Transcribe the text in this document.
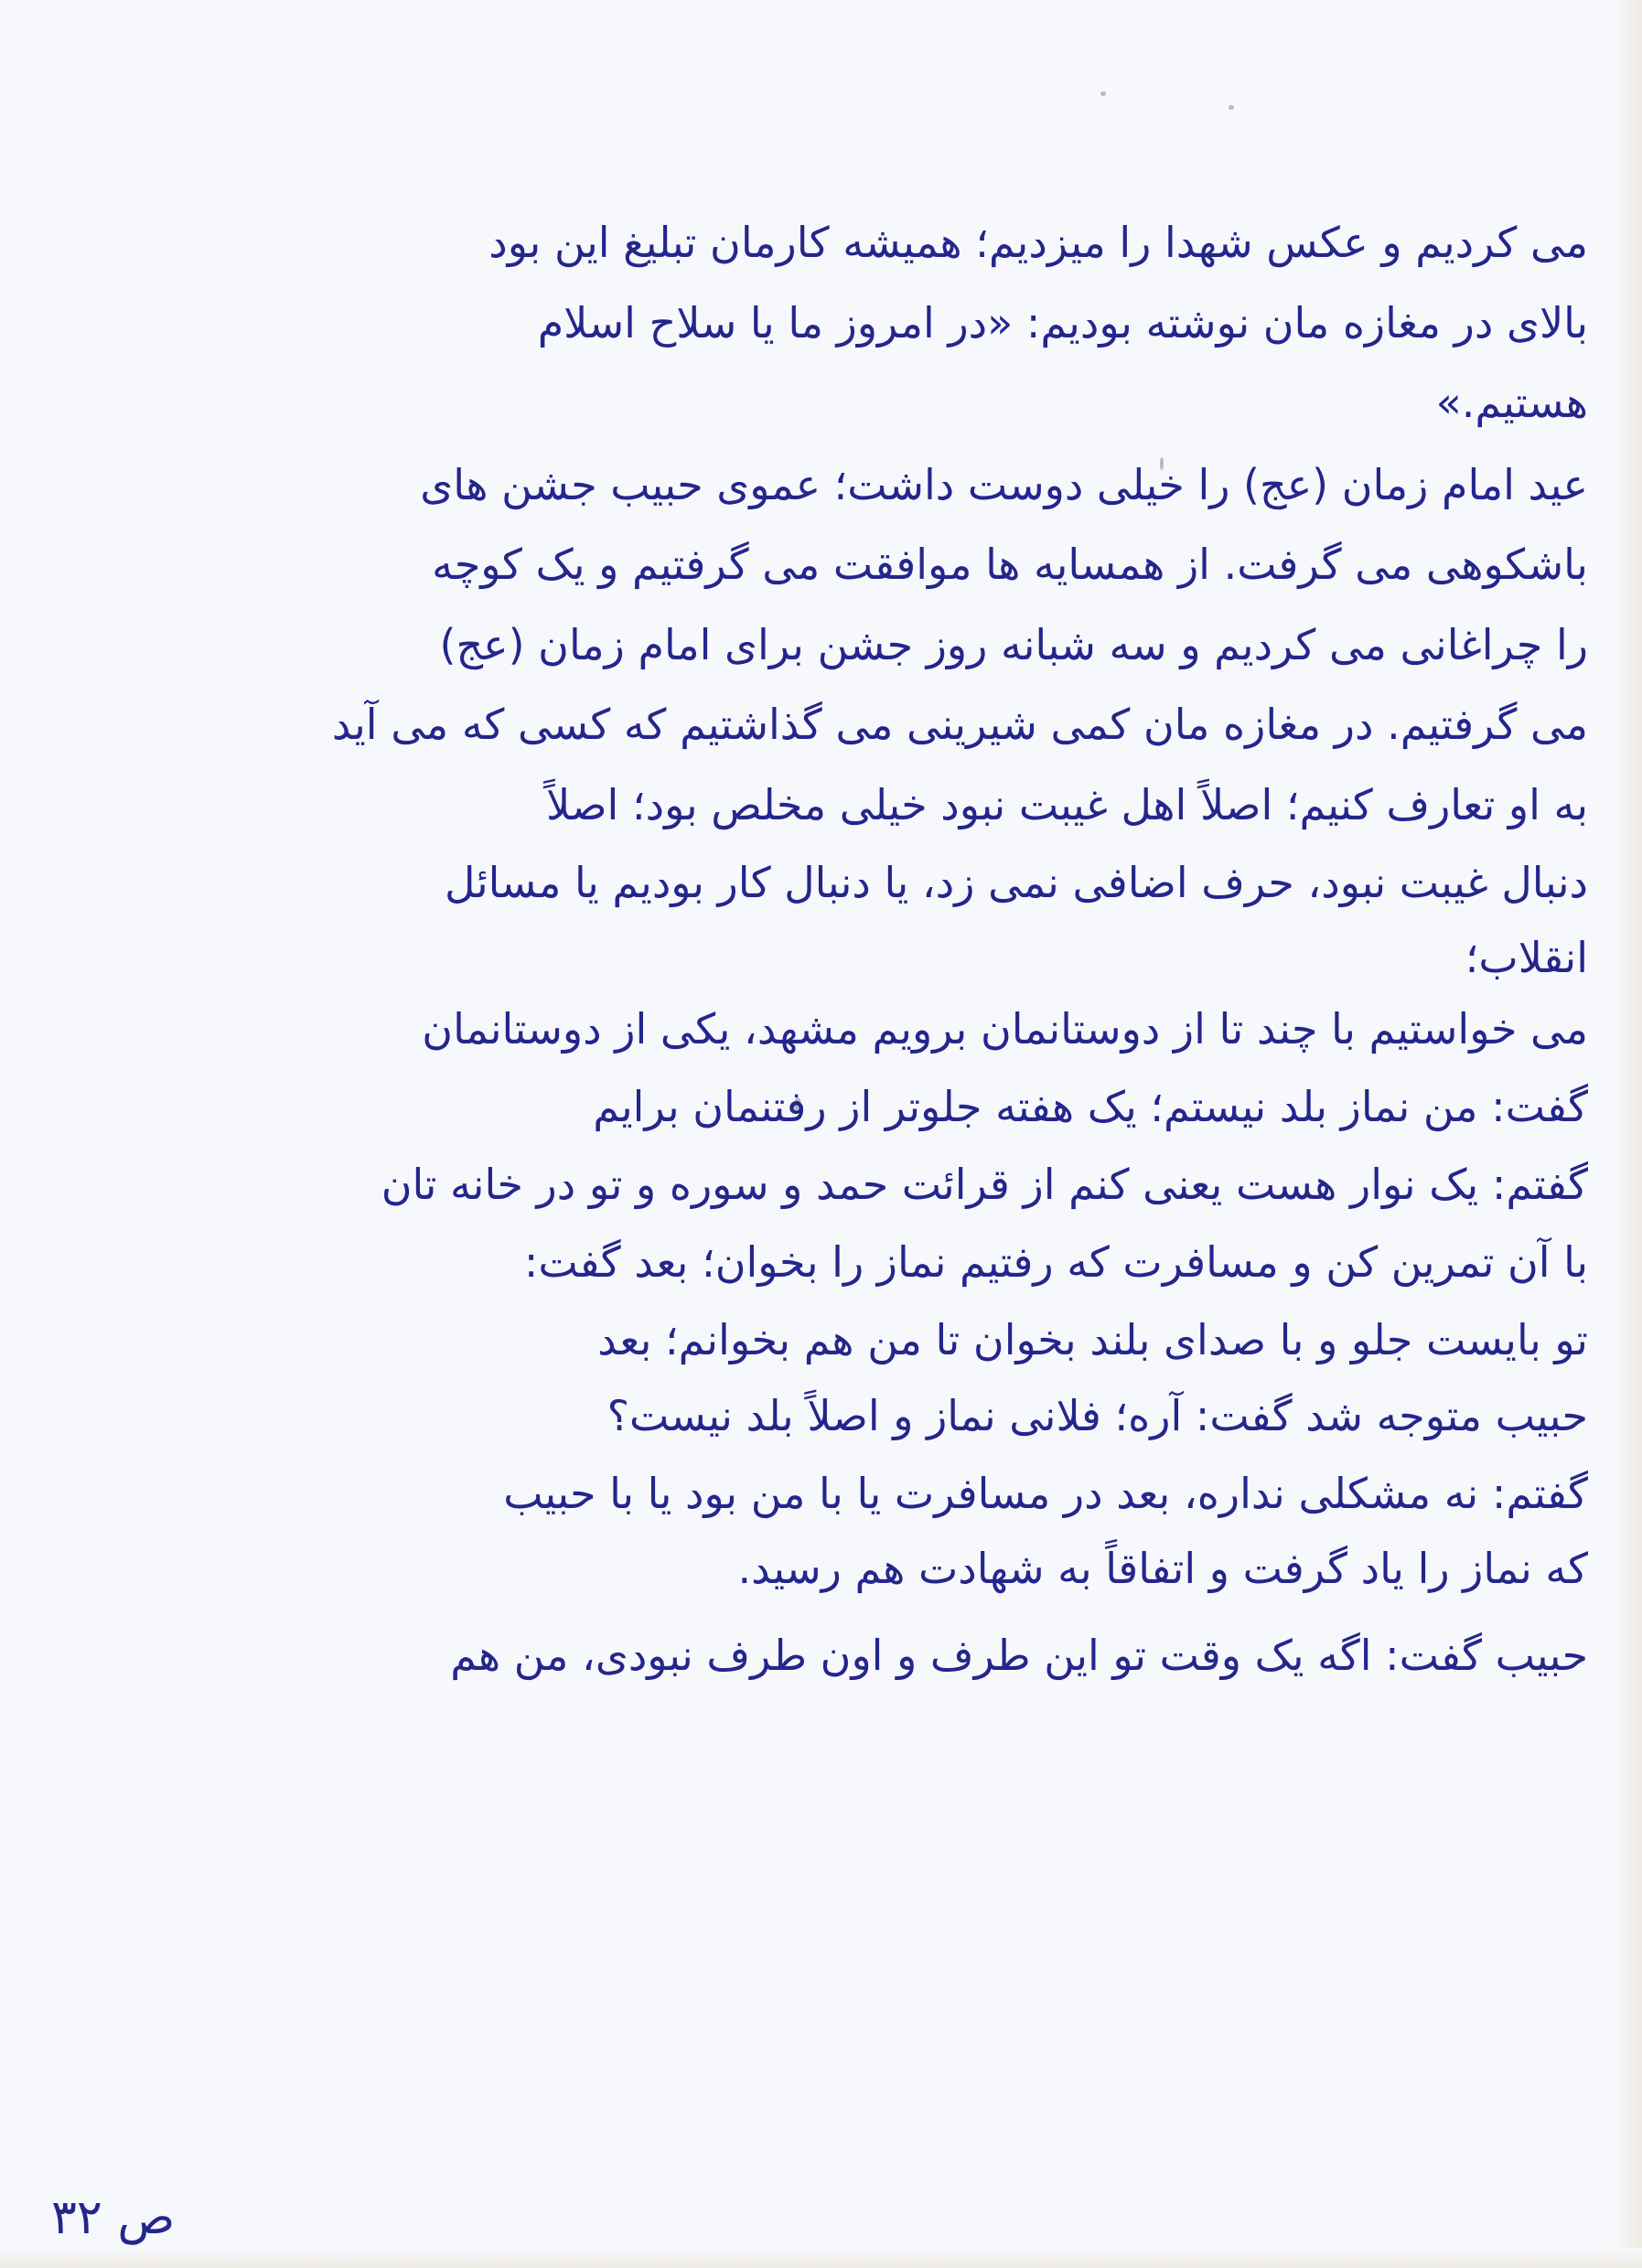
می کردیم و عکس شهدا را میزدیم؛ همیشه کارمان تبلیغ این بود
بالای در مغازه مان نوشته بودیم: «در امروز ما یا سلاح اسلام
هستیم.»
عید امام زمان (عج) را خیلی دوست داشت؛ عموی حبیب جشن های
باشکوهی می گرفت. از همسایه ها موافقت می گرفتیم و یک کوچه
را چراغانی می کردیم و سه شبانه روز جشن برای امام زمان (عج)
می گرفتیم. در مغازه مان کمی شیرینی می گذاشتیم که کسی که می آید
به او تعارف کنیم؛ اصلاً اهل غیبت نبود خیلی مخلص بود؛ اصلاً
دنبال غیبت نبود، حرف اضافی نمی زد، یا دنبال کار بودیم یا مسائل
انقلاب؛
می خواستیم با چند تا از دوستانمان برویم مشهد، یکی از دوستانمان
گفت: من نماز بلد نیستم؛ یک هفته جلوتر از رفتنمان برایم
گفتم: یک نوار هست یعنی کنم از قرائت حمد و سوره و تو در خانه تان
با آن تمرین کن و مسافرت که رفتیم نماز را بخوان؛ بعد گفت:
تو بایست جلو و با صدای بلند بخوان تا من هم بخوانم؛ بعد
حبیب متوجه شد گفت: آره؛ فلانی نماز و اصلاً بلد نیست؟
گفتم: نه مشکلی نداره، بعد در مسافرت یا با من بود یا با حبیب
که نماز را یاد گرفت و اتفاقاً به شهادت هم رسید.
حبیب گفت: اگه یک وقت تو این طرف و اون طرف نبودی، من هم
ص ۳۲
